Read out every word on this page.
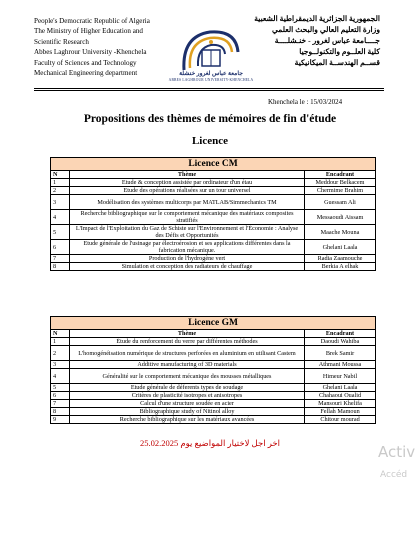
People's Democratic Republic of Algeria
The Ministry of Higher Education and
Scientific Research
Abbes Laghrour University -Khenchela
Faculty of Sciences and Technology
Mechanical Engineering department	جامعة عباس لغرور خنشلة
ABBES LAGHROUR UNIVERSITY-KHENCHELA
الجمهورية الجزائرية الديمقراطية الشعبية
وزارة التعليم العالي والبحث العلمي
جــــامعة عباس لغرور - خنـشلــــة
كلية العلــوم والتكنولــوجيا
قســم الهندســة الميكانيكية
Khenchela le : 15/03/2024
Propositions des thèmes de mémoires de fin d'étude
Licence
Licence CM		
N	Thème	Encadrant
1	Etude & conception assistée par ordinateur d'un étau	Meddour Belkacem
2	Etude des opérations réalisées sur un tour universel	Chermime Brahim
3	Modélisation des systèmes multicorps par MATLAB/Simmechanics TM	Guessam Ali
4	Recherche bibliographique sur le comportement mécanique des matériaux composites stratifiés	Messaoudi Aissam
5	L'Impact de l'Exploitation du Gaz de Schiste sur l'Environnement et l'Économie : Analyse des Défis et Opportunités	Maache Mouna
6	Etude générale de l'usinage par électroérosion et ses applications différentes dans la fabrication mécanique.	Ghelani Laala
7	Production de l'hydrogène vert	Radia Zaamouche
8	Simulation et conception des radiateurs de chauffage	Berkia A elhak
Licence GM		
N	Thème	Encadrant
1	Étude du renforcement du verre par différentes méthodes	Daoudi Wahiba
2	L'homogénéisation numérique de structures perforées en aluminium en utilisant Castem	Brek Samir
3	Additive manufacturing of 3D materials	Athmani Moussa
4	Généralité sur le comportement mécanique des mousses métalliques	Himeur Nabil
5	Etude générale de déferents types de soudage	Ghelani Laala
6	Critères de plasticité isotropes et anisotropes	Chahaoui Oualid
7	Calcul d'une structure soudée en acier	Mansouri Khelifa
8	Bibliographique study of Nitinol alloy	Fellah Mamoun
9	Recherche bibliographique sur les matériaux avancées	Chitour mourad
اخر اجل لاختيار المواضيع يوم 25.02.2025	Activ
Accéd
